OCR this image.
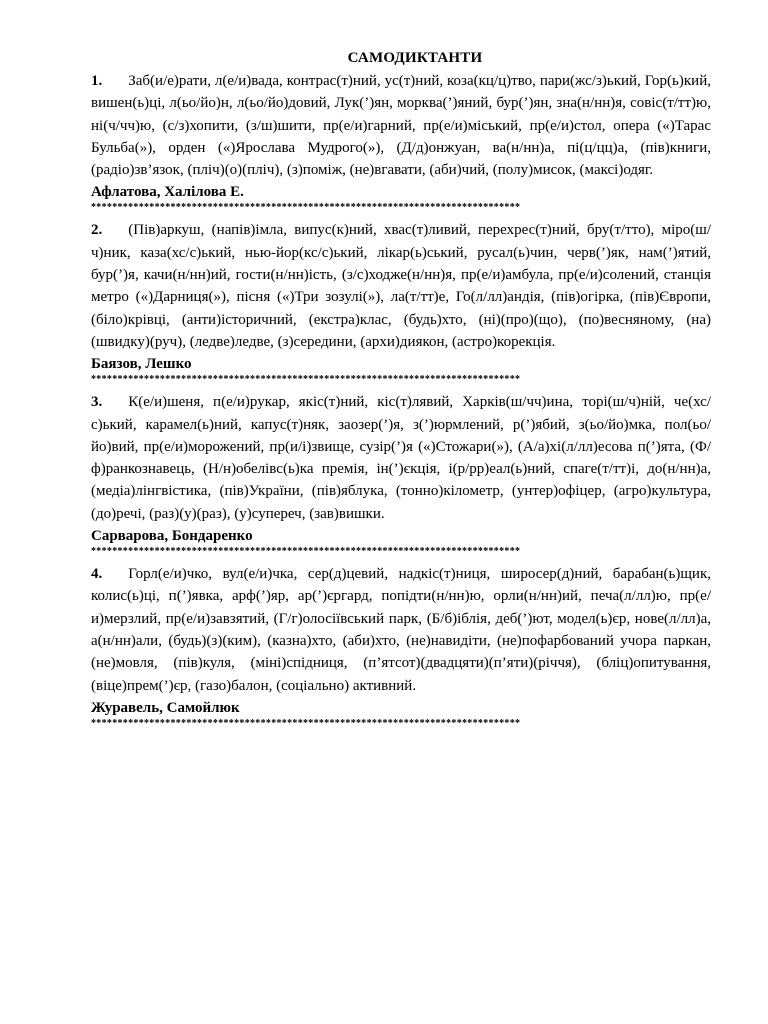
САМОДИКТАНТИ

1. Заб(и/е)рати, л(е/и)вада, контрас(т)ний, ус(т)ний, коза(кц/ц)тво, пари(жс/з)ький, Гор(ь)кий, вишен(ь)ці, л(ьо/йо)н, л(ьо/йо)довий, Лук(’)ян, морква(’)яний, бур(’)ян, зна(н/нн)я, совіс(т/тт)ю, ні(ч/чч)ю, (с/з)хопити, (з/ш)шити, пр(е/и)гарний, пр(е/и)міський, пр(е/и)стол, опера («)Тарас Бульба(»), орден («)Ярослава Мудрого(»), (Д/д)онжуан, ва(н/нн)а, пі(ц/цц)а, (пів)книги, (радіо)зв’язок, (пліч)(о)(пліч), (з)поміж, (не)вгавати, (аби)чий, (полу)мисок, (максі)одяг.

Афлатова, Халілова Е.

*********************************************************************************

2. (Пів)аркуш, (напів)імла, випус(к)ний, хвас(т)ливий, перехрес(т)ний, бру(т/тто), міро(ш/ч)ник, каза(хс/с)ький, нью-йор(кс/с)ький, лікар(ь)ський, русал(ь)чин, черв(’)як, нам(’)ятий, бур(’)я, качи(н/нн)ий, гости(н/нн)ість, (з/с)ходже(н/нн)я, пр(е/и)амбула, пр(е/и)солений, станція метро («)Дарниця(»), пісня («)Три зозулі(»), ла(т/тт)е, Го(л/лл)андія, (пів)огірка, (пів)Європи, (біло)крівці, (анти)історичний, (екстра)клас, (будь)хто, (ні)(про)(що), (по)весняному, (на)(швидку)(руч), (ледве)ледве, (з)середини, (архи)диякон, (астро)корекція.

Баязов, Лешко

*********************************************************************************

3. К(е/и)шеня, п(е/и)рукар, якіс(т)ний, кіс(т)лявий, Харків(ш/чч)ина, торі(ш/ч)ній, че(хс/с)ький, карамел(ь)ний, капус(т)няк, заозер(’)я, з(’)юрмлений, р(’)ябий, з(ьо/йо)мка, пол(ьо/йо)вий, пр(е/и)морожений, пр(и/і)звище, сузір(’)я («)Стожари(»), (А/а)хі(л/лл)есова п(’)ята, (Ф/ф)ранкознавець, (Н/н)обелівс(ь)ка премія, ін(’)єкція, і(р/рр)еал(ь)ний, спаге(т/тт)і, до(н/нн)а, (медіа)лінгвістика, (пів)України, (пів)яблука, (тонно)кілометр, (унтер)офіцер, (агро)культура, (до)речі, (раз)(у)(раз), (у)супереч, (зав)вишки.

Сарварова, Бондаренко

*********************************************************************************

4. Горл(е/и)чко, вул(е/и)чка, сер(д)цевий, надкіс(т)ниця, широсер(д)ний, барабан(ь)щик, колис(ь)ці, п(’)явка, арф(’)яр, ар(’)єргард, попідти(н/нн)ю, орли(н/нн)ий, печа(л/лл)ю, пр(е/и)мерзлий, пр(е/и)завзятий, (Г/г)олосіївський парк, (Б/б)іблія, деб(’)ют, модел(ь)єр, нове(л/лл)а, а(н/нн)али, (будь)(з)(ким), (казна)хто, (аби)хто, (не)навидіти, (не)пофарбований учора паркан, (не)мовля, (пів)куля, (міні)спідниця, (п’ятсот)(двадцяти)(п’яти)(річчя), (бліц)опитування, (віце)прем(’)єр, (газо)балон, (соціально) активний.

Журавель, Самойлюк

*********************************************************************************
